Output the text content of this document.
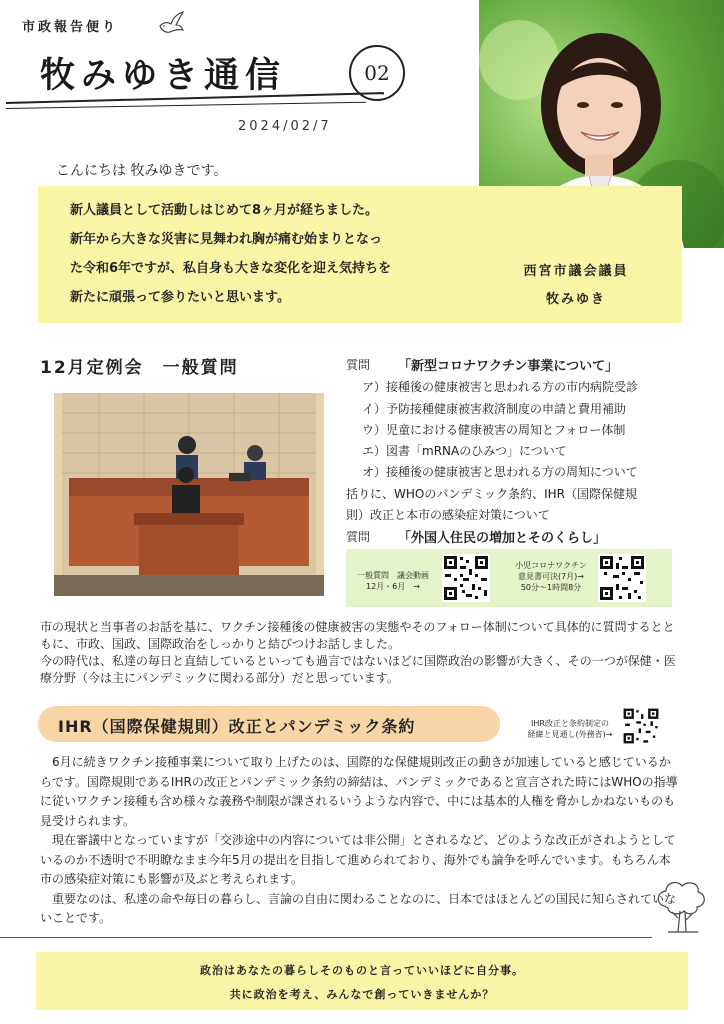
市政報告便り
牧みゆき通信	02
2024/02/7
こんにちは 牧みゆきです。
新人議員として活動しはじめて8ヶ月が経ちました。
新年から大きな災害に見舞われ胸が痛む始まりとなっ
た令和6年ですが、私自身も大きな変化を迎え気持ちを
新たに頑張って参りたいと思います。
西宮市議会議員
牧みゆき
12月定例会　一般質問	質問 「新型コロナワクチン事業について」
ア）接種後の健康被害と思われる方の市内病院受診
イ）予防接種健康被害救済制度の申請と費用補助
ウ）児童における健康被害の周知とフォロー体制
エ）図書「mRNAのひみつ」について
オ）接種後の健康被害と思われる方の周知について
括りに、WHOのパンデミック条約、IHR（国際保健規
則）改正と本市の感染症対策について
質問 「外国人住民の増加とそのくらし」
一般質問　議会動画
12月・6月　→
小児コロナワクチン
意見書可決(7月)→
50分〜1時間8分
市の現状と当事者のお話を基に、ワクチン接種後の健康被害の実態やそのフォロー体制について具体的に質問するとともに、市政、国政、国際政治をしっかりと結びつけお話しました。
今の時代は、私達の毎日と直結しているといっても過言ではないほどに国際政治の影響が大きく、その一つが保健・医療分野（今は主にパンデミックに関わる部分）だと思っています。
IHR（国際保健規則）改正とパンデミック条約	IHR改正と条約制定の
経緯と見通し(外務省)→
　6月に続きワクチン接種事業について取り上げたのは、国際的な保健規則改正の動きが加速していると感じているからです。国際規則であるIHRの改正とパンデミック条約の締結は、パンデミックであると宣言された時にはWHOの指導に従いワクチン接種も含め様々な義務や制限が課されるいうような内容で、中には基本的人権を脅かしかねないものも見受けられます。
　現在審議中となっていますが「交渉途中の内容については非公開」とされるなど、どのような改正がされようとしているのか不透明で不明瞭なまま今年5月の提出を目指して進められており、海外でも論争を呼んでいます。もちろん本市の感染症対策にも影響が及ぶと考えられます。
　重要なのは、私達の命や毎日の暮らし、言論の自由に関わることなのに、日本ではほとんどの国民に知らされていないことです。
政治はあなたの暮らしそのものと言っていいほどに自分事。
共に政治を考え、みんなで創っていきませんか？
